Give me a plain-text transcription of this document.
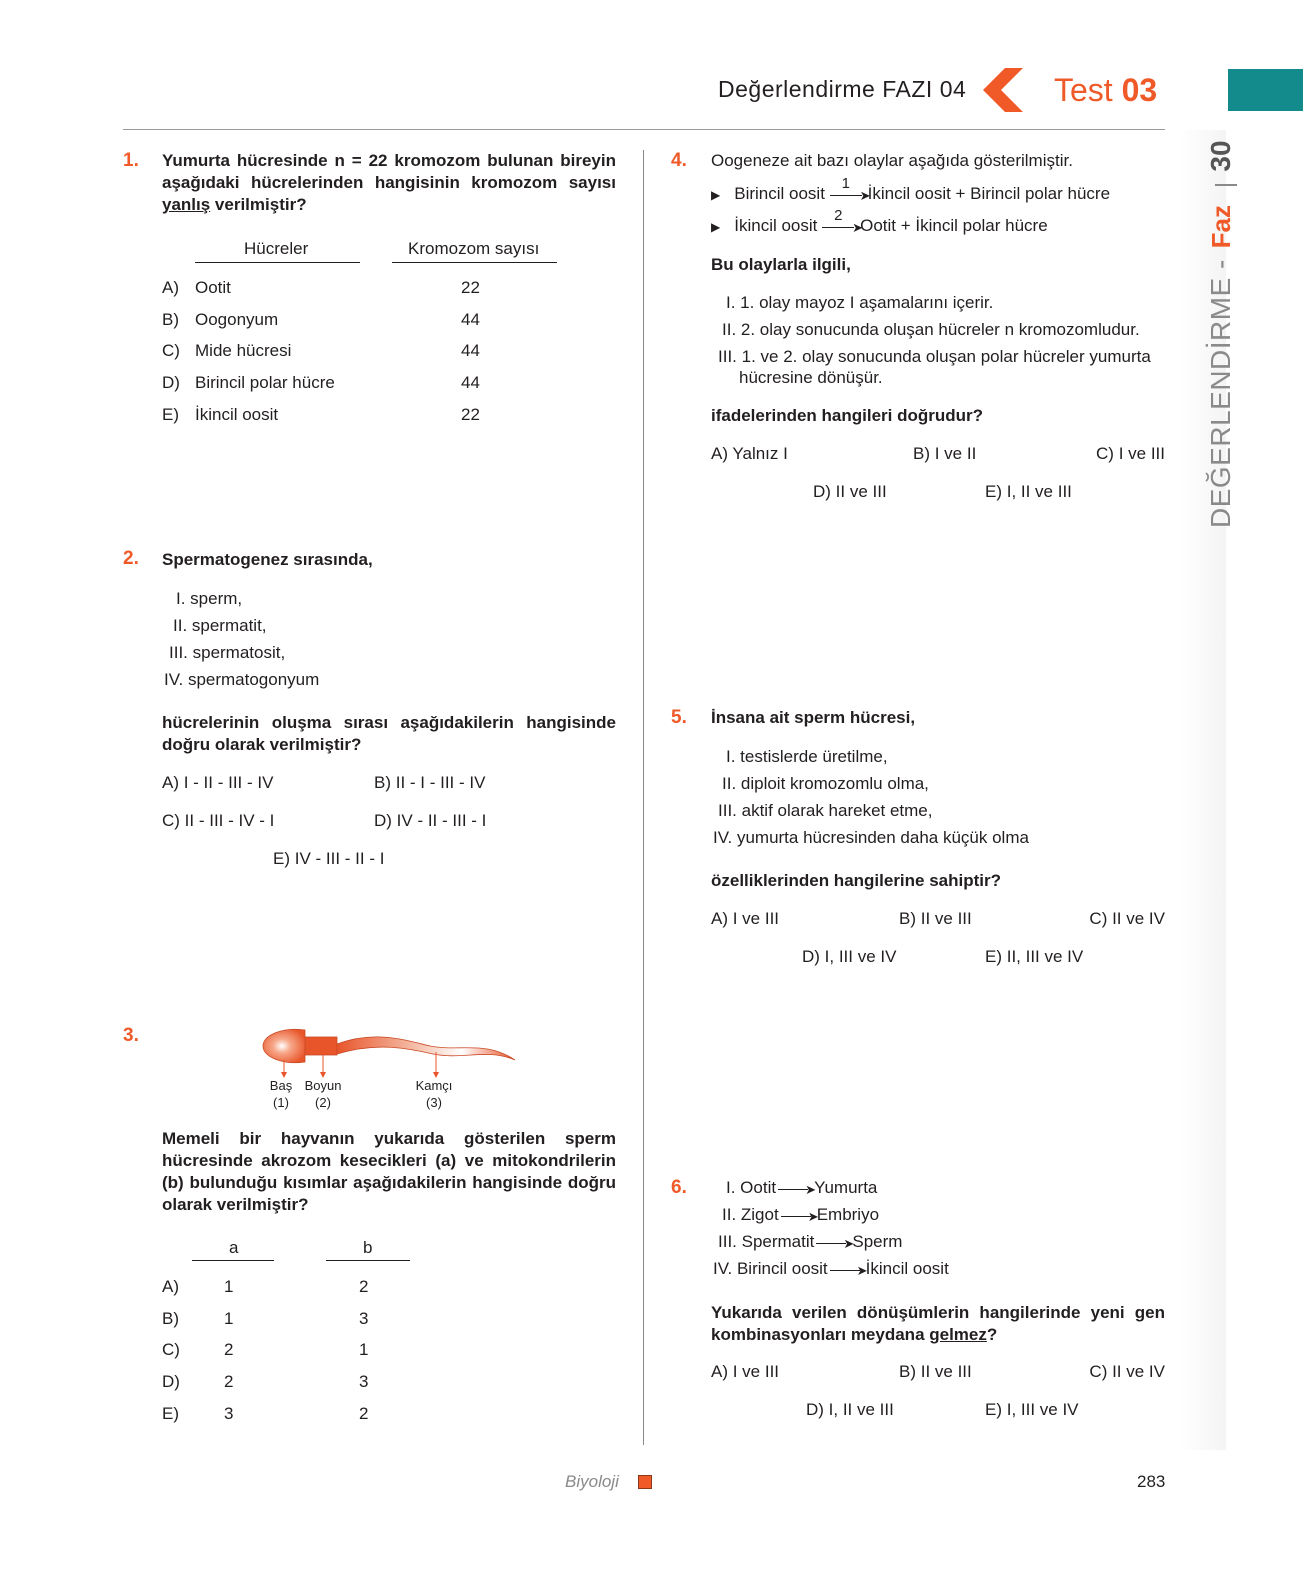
Değerlendirme FAZI 04	Test 03
DEĞERLENDİRME - Faz  30
1. Yumurta hücresinde n = 22 kromozom bulunan bireyin aşağıdaki hücrelerinden hangisinin kromozom sayısı yanlış verilmiştir?
Hücreler	Kromozom sayısı
A) Ootit	22
B) Oogonyum	44
C) Mide hücresi	44
D) Birincil polar hücre	44
E) İkincil oosit	22
2. Spermatogenez sırasında,
I. sperm,
II. spermatit,
III. spermatosit,
IV. spermatogonyum
hücrelerinin oluşma sırası aşağıdakilerin hangisinde doğru olarak verilmiştir?
A) I - II - III - IV	B) II - I - III - IV
C) II - III - IV - I	D) IV - II - III - I
E) IV - III - II - I
3.
Baş
(1)
Boyun
(2)
Kamçı
(3)
Memeli bir hayvanın yukarıda gösterilen sperm hücresinde akrozom kesecikleri (a) ve mitokondrilerin (b) bulunduğu kısımlar aşağıdakilerin hangisinde doğru olarak verilmiştir?
a	b
A)	1	2
B)	1	3
C)	2	1
D)	2	3
E)	3	2
4. Oogeneze ait bazı olaylar aşağıda gösterilmiştir.
▶ Birincil oosit
1
➤
İkincil oosit + Birincil polar hücre
▶ İkincil oosit
2
➤
Ootit + İkincil polar hücre
Bu olaylarla ilgili,
I. 1. olay mayoz I aşamalarını içerir.
II. 2. olay sonucunda oluşan hücreler n kromozomludur.
III. 1. ve 2. olay sonucunda oluşan polar hücreler yumurta
hücresine dönüşür.
ifadelerinden hangileri doğrudur?
A) Yalnız I	B) I ve II	C) I ve III
D) II ve III	E) I, II ve III
5. İnsana ait sperm hücresi,
I. testislerde üretilme,
II. diploit kromozomlu olma,
III. aktif olarak hareket etme,
IV. yumurta hücresinden daha küçük olma
özelliklerinden hangilerine sahiptir?
A) I ve III	B) II ve III	C) II ve IV
D) I, III ve IV	E) II, III ve IV
6. I. Ootit ➤
Yumurta
II. Zigot ➤
Embriyo
III. Spermatit ➤
Sperm
IV. Birincil oosit ➤
İkincil oosit
Yukarıda verilen dönüşümlerin hangilerinde yeni gen kombinasyonları meydana gelmez?
A) I ve III	B) II ve III	C) II ve IV
D) I, II ve III	E) I, III ve IV
Biyoloji	283
